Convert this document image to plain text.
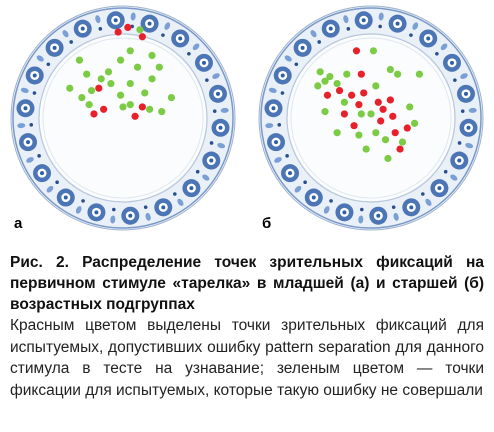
а	б
Рис. 2. Распределение точек зрительных фиксаций на первичном стимуле «тарелка» в младшей (а) и старшей (б) возрастных подгруппах
Красным цветом выделены точки зрительных фиксаций для испытуемых, допустивших ошибку pattern separation для данного стимула в тесте на узнавание; зеленым цветом — точки фиксации для испытуемых, которые такую ошибку не совершали
